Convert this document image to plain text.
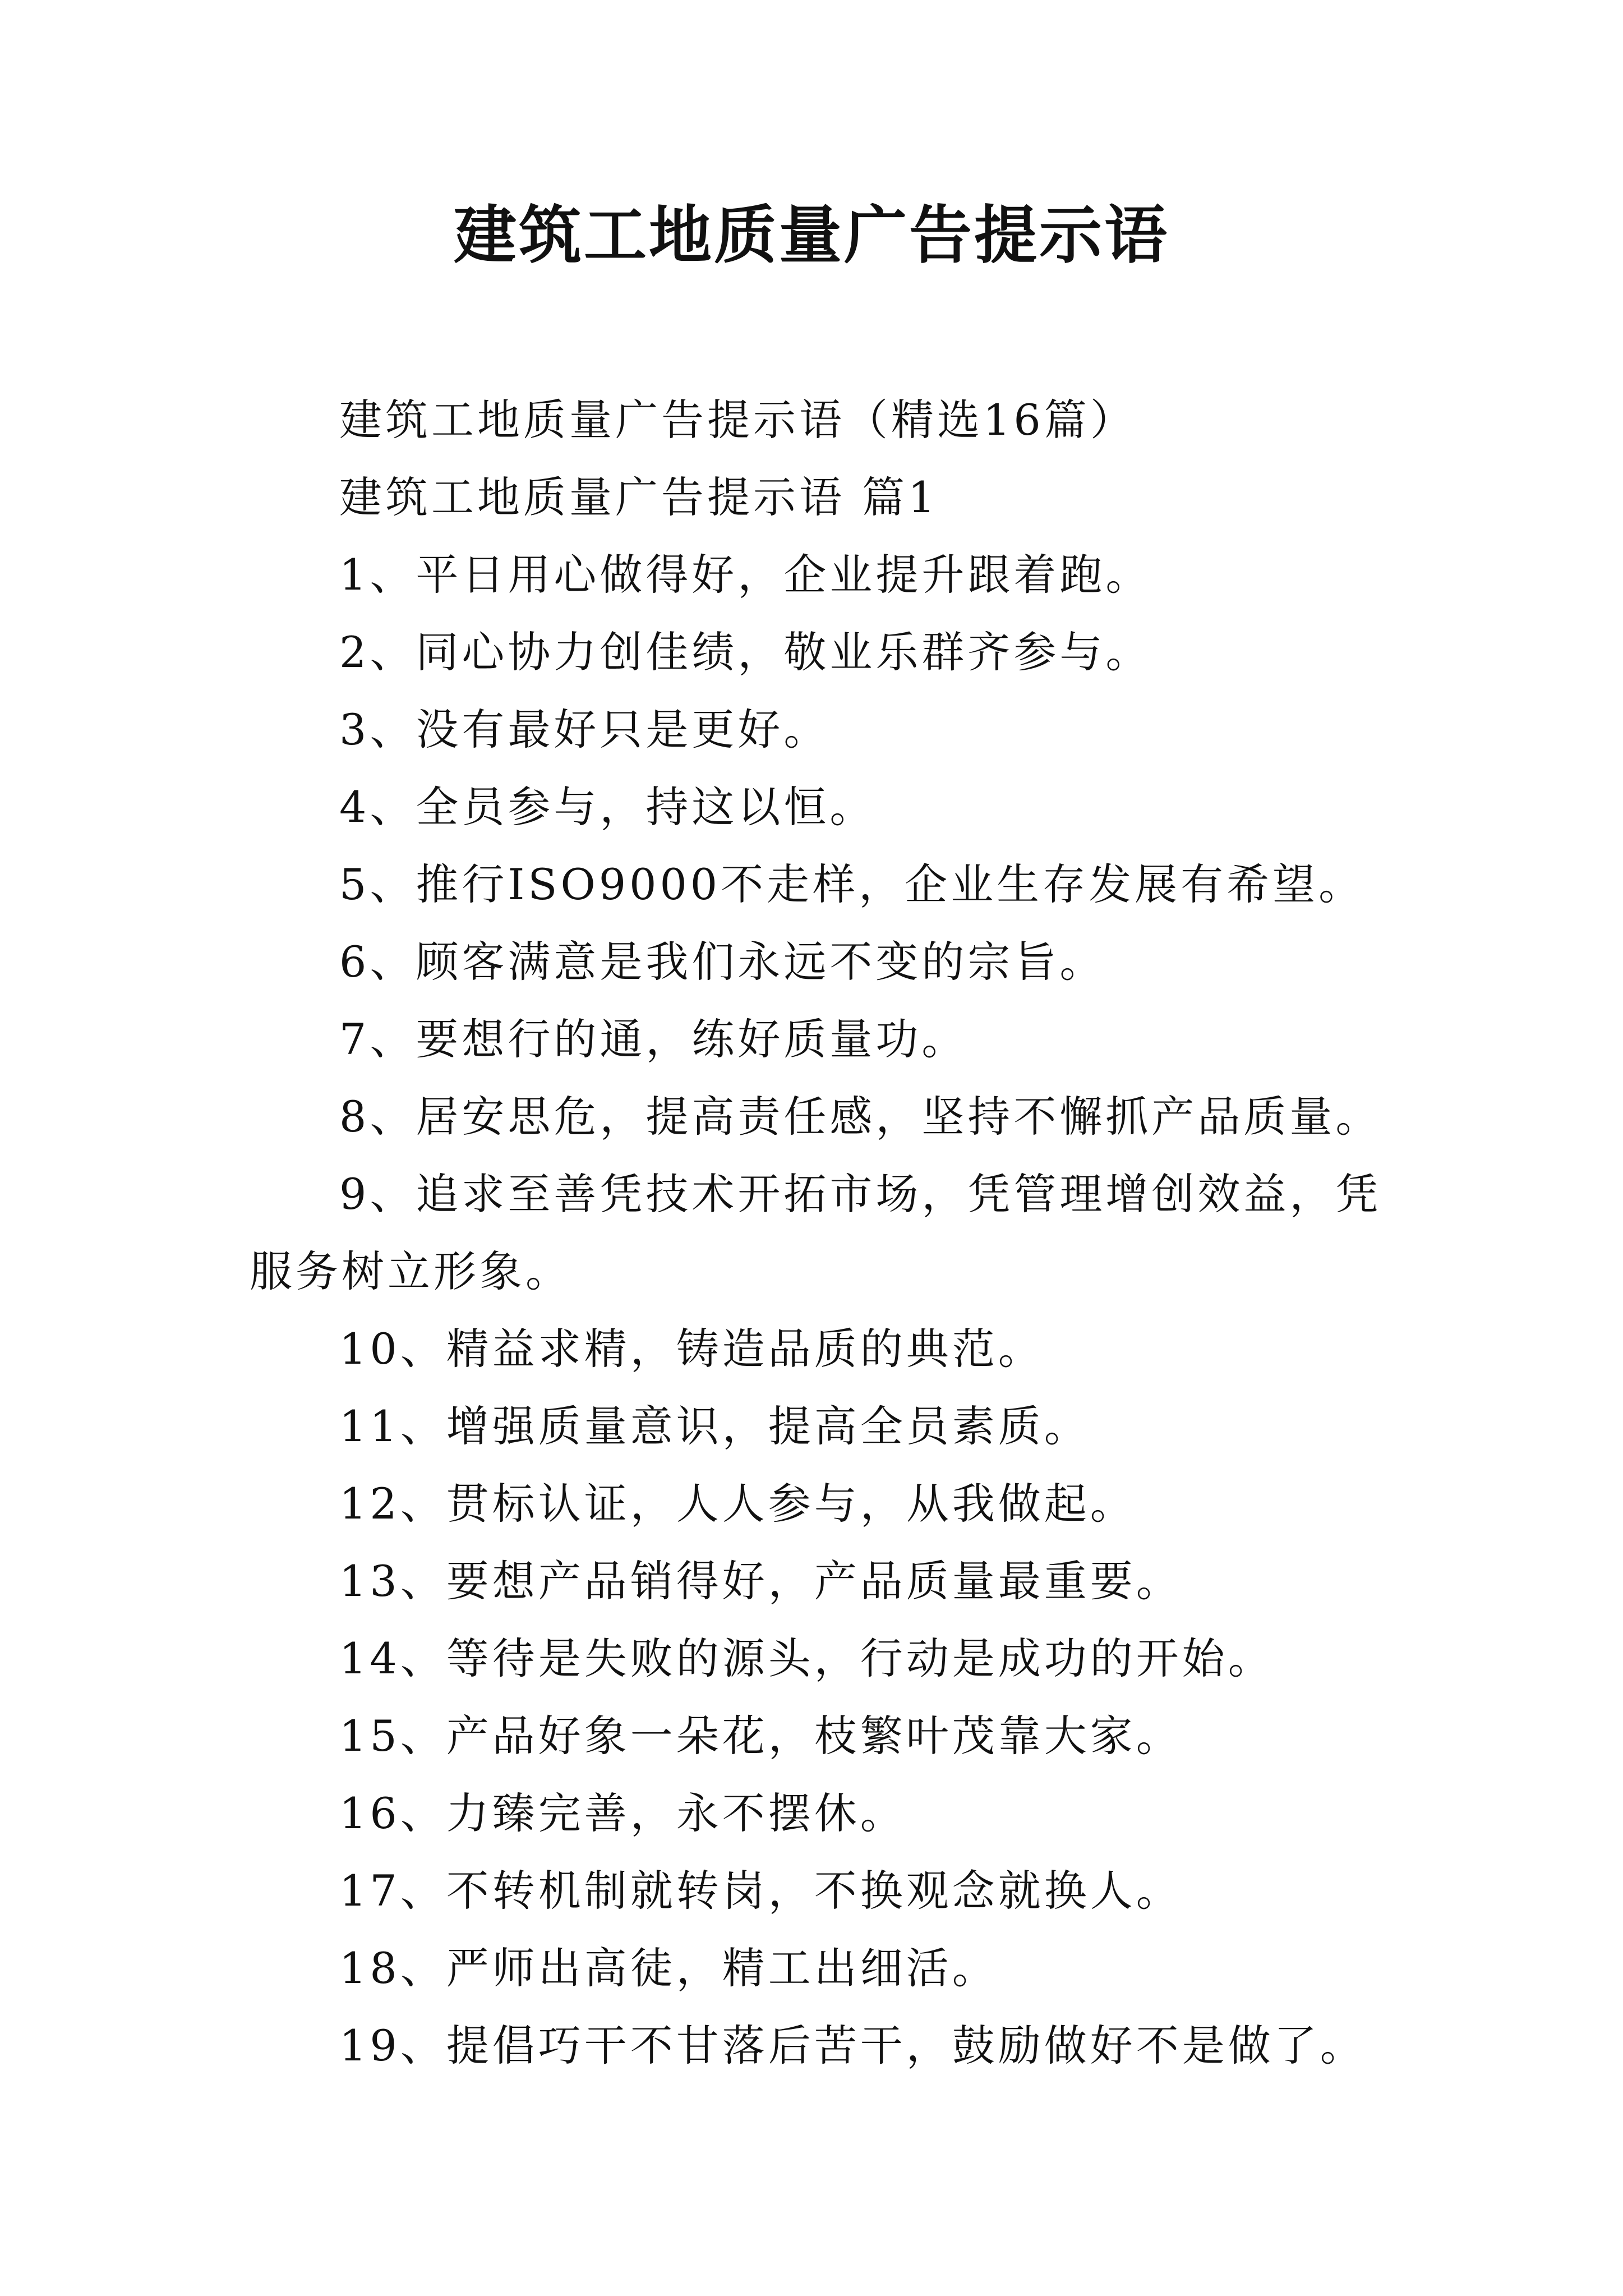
建筑工地质量广告提示语

建筑工地质量广告提示语（精选16篇）

建筑工地质量广告提示语 篇1

1、平日用心做得好，企业提升跟着跑。

2、同心协力创佳绩，敬业乐群齐参与。

3、没有最好只是更好。

4、全员参与，持这以恒。

5、推行ISO9000不走样，企业生存发展有希望。

6、顾客满意是我们永远不变的宗旨。

7、要想行的通，练好质量功。

8、居安思危，提高责任感，坚持不懈抓产品质量。

9、追求至善凭技术开拓市场，凭管理增创效益，凭服务树立形象。

10、精益求精，铸造品质的典范。

11、增强质量意识，提高全员素质。

12、贯标认证，人人参与，从我做起。

13、要想产品销得好，产品质量最重要。

14、等待是失败的源头，行动是成功的开始。

15、产品好象一朵花，枝繁叶茂靠大家。

16、力臻完善，永不摆休。

17、不转机制就转岗，不换观念就换人。

18、严师出高徒，精工出细活。

19、提倡巧干不甘落后苦干，鼓励做好不是做了。
